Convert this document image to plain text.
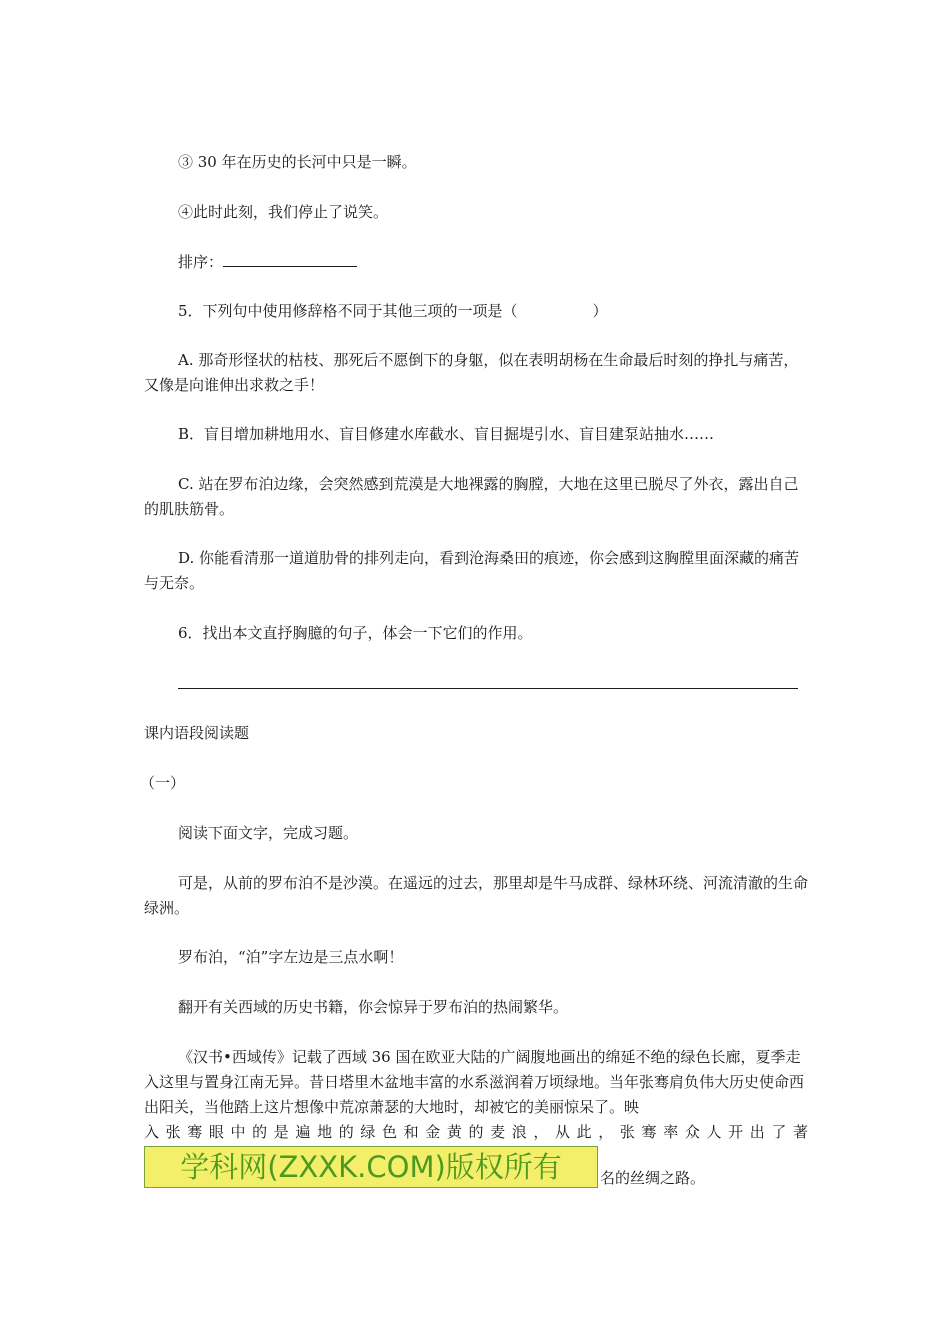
③ 30 年在历史的长河中只是一瞬。

④此时此刻，我们停止了说笑。

排序：

5．下列句中使用修辞格不同于其他三项的一项是（　　　　　）

A. 那奇形怪状的枯枝、那死后不愿倒下的身躯，似在表明胡杨在生命最后时刻的挣扎与痛苦，又像是向谁伸出求救之手！

B．盲目增加耕地用水、盲目修建水库截水、盲目掘堤引水、盲目建泵站抽水……

C. 站在罗布泊边缘，会突然感到荒漠是大地裸露的胸膛，大地在这里已脱尽了外衣，露出自己的肌肤筋骨。

D. 你能看清那一道道肋骨的排列走向，看到沧海桑田的痕迹，你会感到这胸膛里面深藏的痛苦与无奈。

6．找出本文直抒胸臆的句子，体会一下它们的作用。

课内语段阅读题

（一）

阅读下面文字，完成习题。

可是，从前的罗布泊不是沙漠。在遥远的过去，那里却是牛马成群、绿林环绕、河流清澈的生命绿洲。

罗布泊，“泊”字左边是三点水啊！

翻开有关西域的历史书籍，你会惊异于罗布泊的热闹繁华。

《汉书•西域传》记载了西域 36 国在欧亚大陆的广阔腹地画出的绵延不绝的绿色长廊，夏季走入这里与置身江南无异。昔日塔里木盆地丰富的水系滋润着万顷绿地。当年张骞肩负伟大历史使命西出阳关，当他踏上这片想像中荒凉萧瑟的大地时，却被它的美丽惊呆了。映

入张骞眼中的是遍地的绿色和金黄的麦浪，从此，张骞率众人开出了著

学科网(ZXXK.COM)版权所有	名的丝绸之路。
